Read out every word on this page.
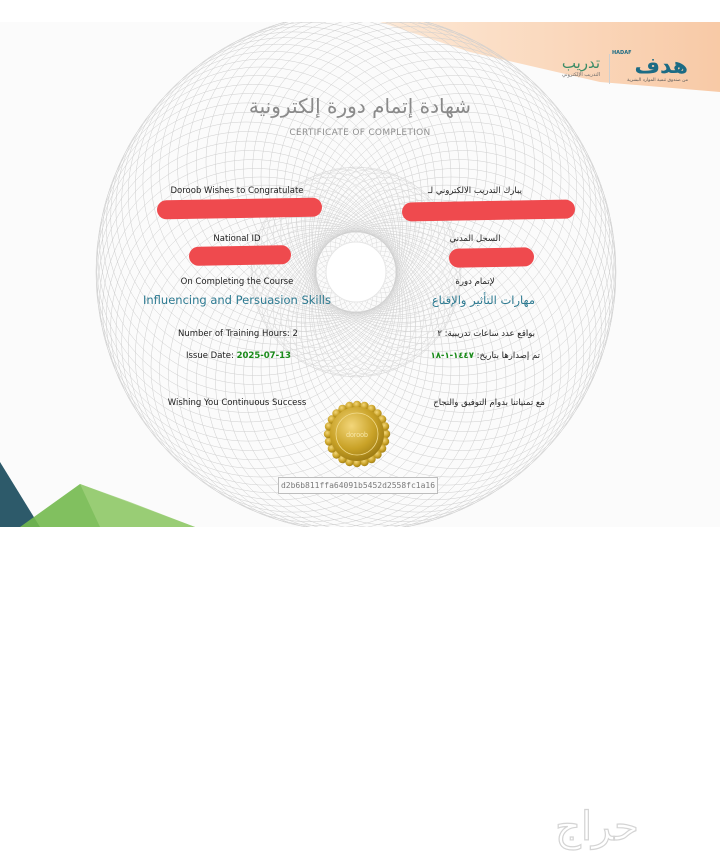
تدريب
التدريب الإلكتروني
HADAF
هدف
من صندوق تنمية الموارد البشرية
شهادة إتمام دورة إلكترونية
CERTIFICATE OF COMPLETION
Doroob Wishes to Congratulate	يبارك التدريب الالكتروني لـ
National ID	السجل المدني
On Completing the Course	لإتمام دورة
Influencing and Persuasion Skills	مهارات التأثير والإقناع
Number of Training Hours: 2	بواقع عدد ساعات تدريبية: ٢
Issue Date: 2025-07-13	تم إصدارها بتاريخ: ١٤٤٧-١-١٨
Wishing You Continuous Success	مع تمنياتنا بدوام التوفيق والنجاح
doroob
d2b6b811ffa64091b5452d2558fc1a16
حراج
